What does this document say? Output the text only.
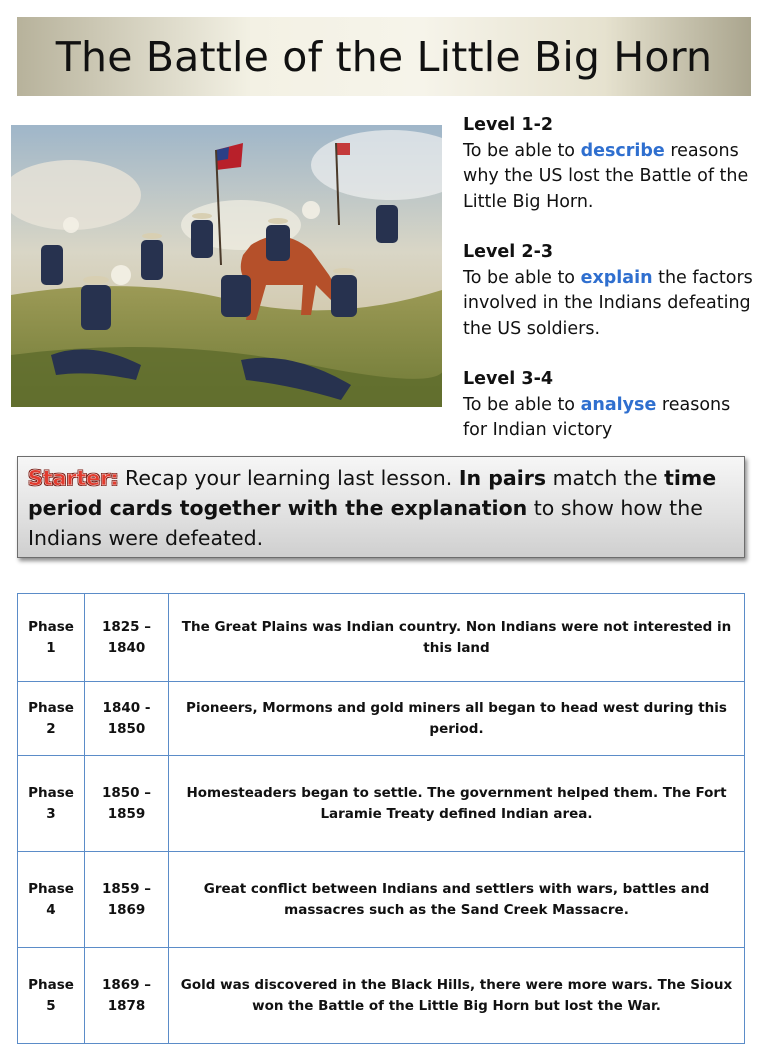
The Battle of the Little Big Horn
Level 1-2
To be able to describe reasons why the US lost the Battle of the Little Big Horn.
Level 2-3
To be able to explain the factors involved in the Indians defeating the US soldiers.
Level 3-4
To be able to analyse reasons for Indian victory
Starter: Recap your learning last lesson. In pairs match the time period cards together with the explanation to show how the Indians were defeated.
Phase 1	1825 – 1840	The Great Plains was Indian country. Non Indians were not interested in this land
Phase 2	1840 - 1850	Pioneers, Mormons and gold miners all began to head west during this period.
Phase 3	1850 – 1859	Homesteaders began to settle. The government helped them. The Fort Laramie Treaty defined Indian area.
Phase 4	1859 – 1869	Great conflict between Indians and settlers with wars, battles and massacres such as the Sand Creek Massacre.
Phase 5	1869 – 1878	Gold was discovered in the Black Hills, there were more wars. The Sioux won the Battle of the Little Big Horn but lost the War.
